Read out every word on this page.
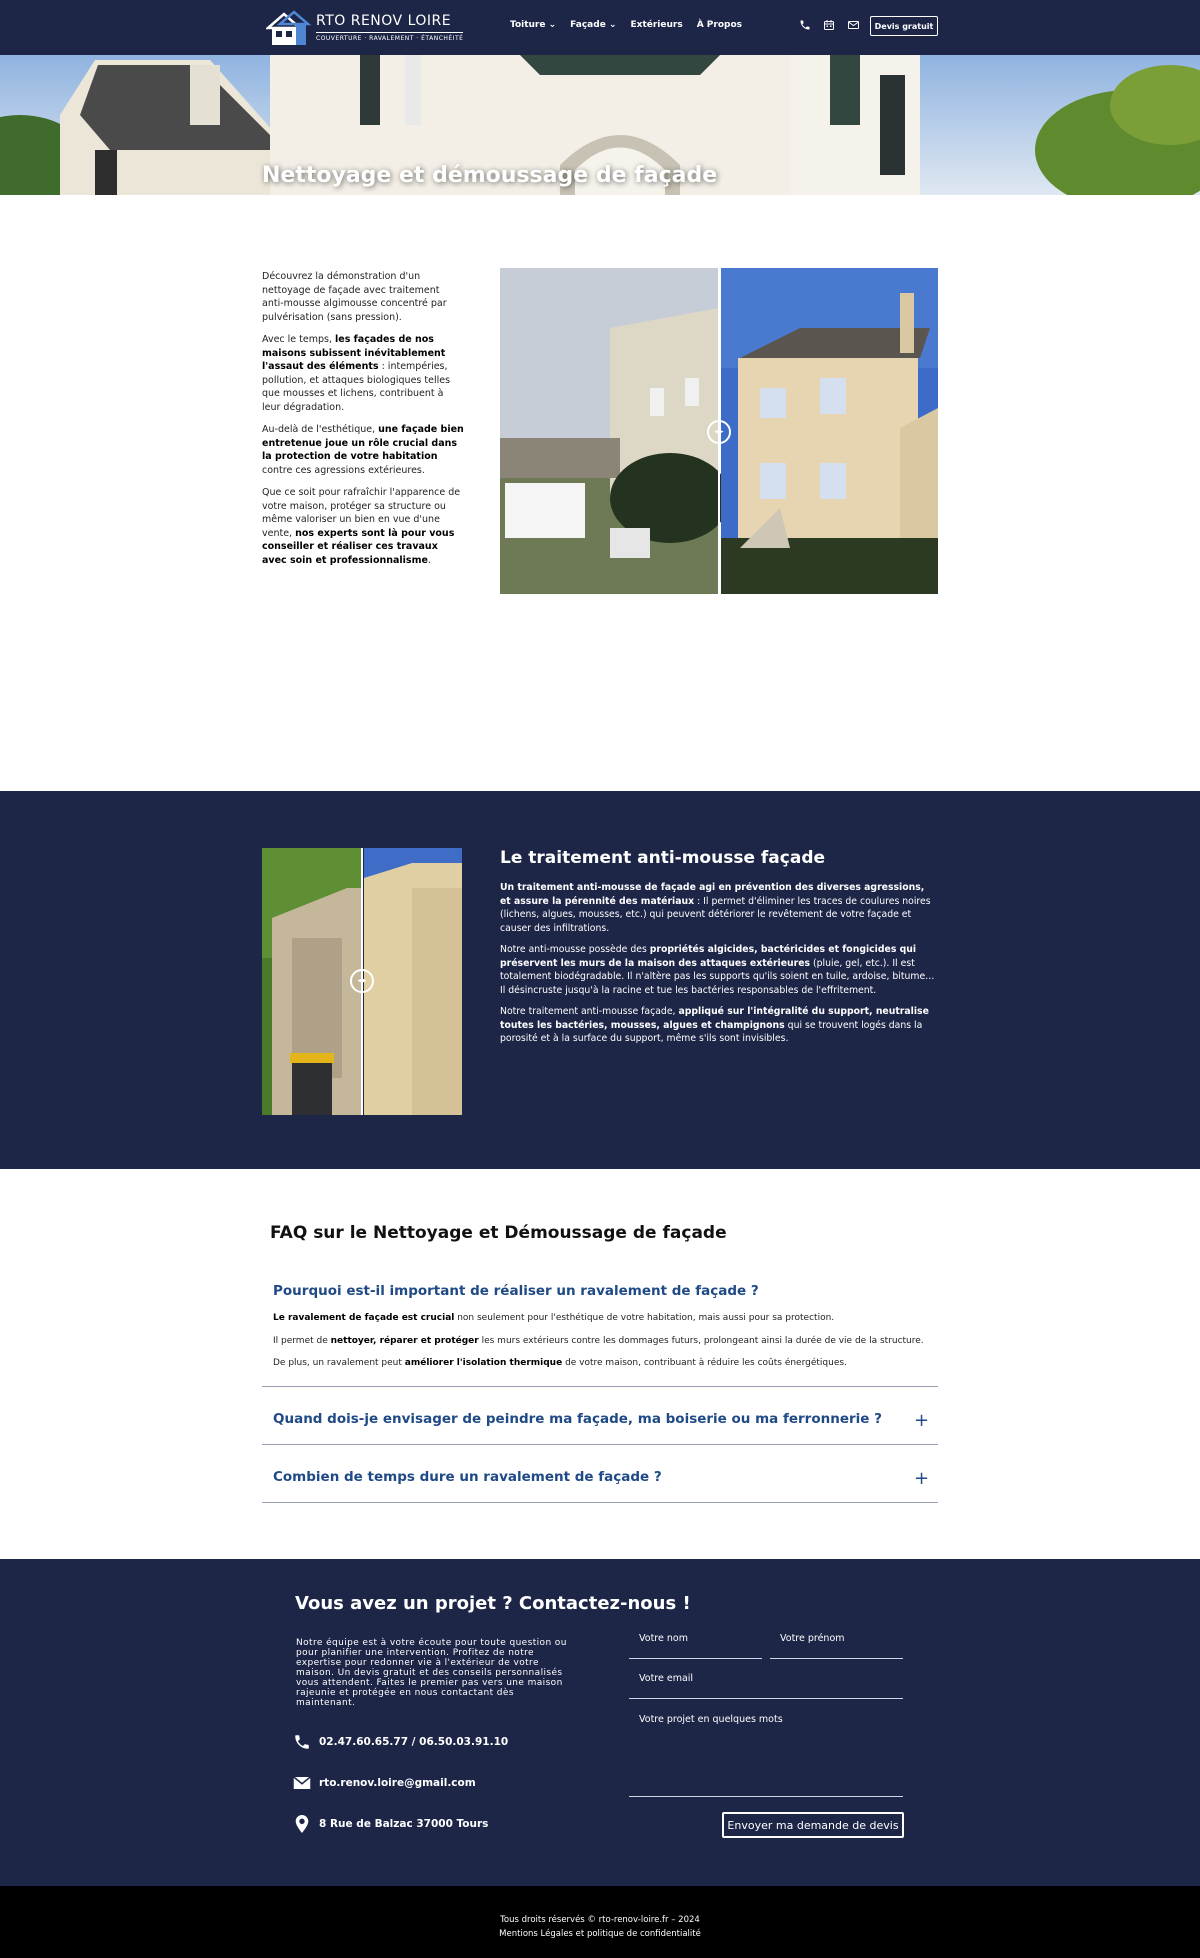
RTO RENOV LOIRE
COUVERTURE · RAVALEMENT · ÉTANCHÉITÉ
Toiture ⌄ Façade ⌄ Extérieurs À Propos	Devis gratuit
Nettoyage et démoussage de façade

Découvrez la démonstration d'un nettoyage de façade avec traitement anti-mousse algimousse concentré par pulvérisation (sans pression).

Avec le temps, les façades de nos maisons subissent inévitablement l'assaut des éléments : intempéries, pollution, et attaques biologiques telles que mousses et lichens, contribuent à leur dégradation.

Au-delà de l'esthétique, une façade bien entretenue joue un rôle crucial dans la protection de votre habitation contre ces agressions extérieures.

Que ce soit pour rafraîchir l'apparence de votre maison, protéger sa structure ou même valoriser un bien en vue d'une vente, nos experts sont là pour vous conseiller et réaliser ces travaux avec soin et professionnalisme.

◂▸
◂▸
Le traitement anti-mousse façade

Un traitement anti-mousse de façade agi en prévention des diverses agressions, et assure la pérennité des matériaux : Il permet d'éliminer les traces de coulures noires (lichens, algues, mousses, etc.) qui peuvent détériorer le revêtement de votre façade et causer des infiltrations.

Notre anti-mousse possède des propriétés algicides, bactéricides et fongicides qui préservent les murs de la maison des attaques extérieures (pluie, gel, etc.). Il est totalement biodégradable. Il n'altère pas les supports qu'ils soient en tuile, ardoise, bitume… Il désincruste jusqu'à la racine et tue les bactéries responsables de l'effritement.

Notre traitement anti-mousse façade, appliqué sur l'intégralité du support, neutralise toutes les bactéries, mousses, algues et champignons qui se trouvent logés dans la porosité et à la surface du support, même s'ils sont invisibles.

FAQ sur le Nettoyage et Démoussage de façade
Pourquoi est-il important de réaliser un ravalement de façade ?
Le ravalement de façade est crucial non seulement pour l'esthétique de votre habitation, mais aussi pour sa protection.
Il permet de nettoyer, réparer et protéger les murs extérieurs contre les dommages futurs, prolongeant ainsi la durée de vie de la structure.
De plus, un ravalement peut améliorer l'isolation thermique de votre maison, contribuant à réduire les coûts énergétiques.
Quand dois-je envisager de peindre ma façade, ma boiserie ou ma ferronnerie ? +
Combien de temps dure un ravalement de façade ?	+
Vous avez un projet ? Contactez-nous !

Notre équipe est à votre écoute pour toute question ou pour planifier une intervention. Profitez de notre expertise pour redonner vie à l'extérieur de votre maison. Un devis gratuit et des conseils personnalisés vous attendent. Faites le premier pas vers une maison rajeunie et protégée en nous contactant dès maintenant.

02.47.60.65.77 / 06.50.03.91.10
rto.renov.loire@gmail.com
8 Rue de Balzac 37000 Tours
Votre nom	Votre prénom
Votre email
Votre projet en quelques mots
Envoyer ma demande de devis
Tous droits réservés © rto-renov-loire.fr – 2024
Mentions Légales et politique de confidentialité
